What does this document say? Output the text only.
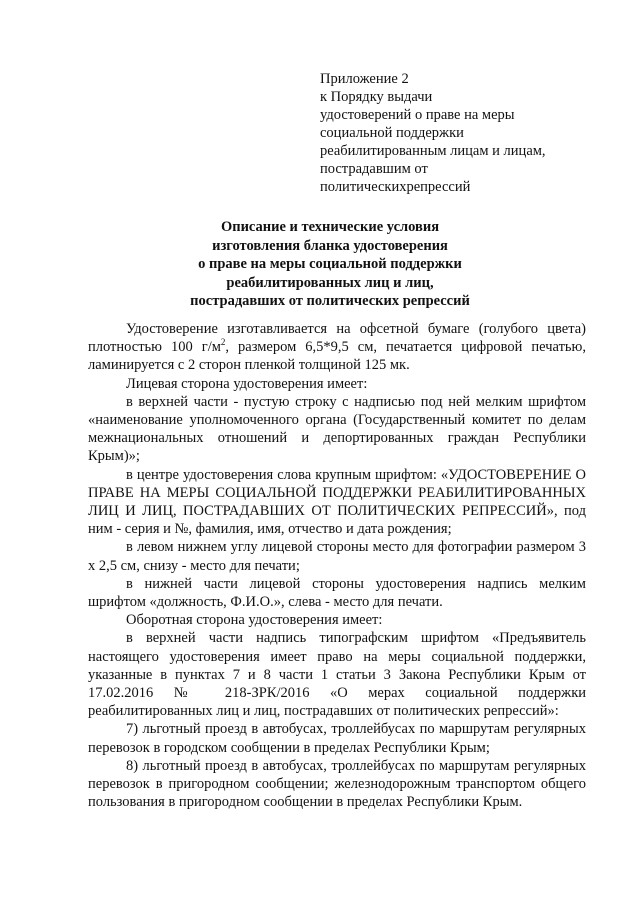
Приложение 2
к Порядку выдачи
удостоверений о праве на меры
социальной поддержки
реабилитированным лицам и лицам,
пострадавшим от
политическихрепрессий
Описание и технические условия
изготовления бланка удостоверения
о праве на меры социальной поддержки
реабилитированных лиц и лиц,
пострадавших от политических репрессий

Удостоверение изготавливается на офсетной бумаге (голубого цвета) плотностью 100 $г/м^2$, размером 6,5*9,5 см, печатается цифровой печатью, ламинируется с 2 сторон пленкой толщиной 125 мк.

Лицевая сторона удостоверения имеет:

в верхней части - пустую строку с надписью под ней мелким шрифтом «наименование уполномоченного органа (Государственный комитет по делам межнациональных отношений и депортированных граждан Республики Крым)»;

в центре удостоверения слова крупным шрифтом: «УДОСТОВЕРЕНИЕ О ПРАВЕ НА МЕРЫ СОЦИАЛЬНОЙ ПОДДЕРЖКИ РЕАБИЛИТИРОВАННЫХ ЛИЦ И ЛИЦ, ПОСТРАДАВШИХ ОТ ПОЛИТИЧЕСКИХ РЕПРЕССИЙ», под ним - серия и №, фамилия, имя, отчество и дата рождения;

в левом нижнем углу лицевой стороны место для фотографии размером 3 х 2,5 см, снизу - место для печати;

в нижней части лицевой стороны удостоверения надпись мелким шрифтом «должность, Ф.И.О.», слева - место для печати.

Оборотная сторона удостоверения имеет:

в верхней части надпись типографским шрифтом «Предъявитель настоящего удостоверения имеет право на меры социальной поддержки, указанные в пунктах 7 и 8 части 1 статьи 3 Закона Республики Крым от 17.02.2016 № 218-ЗРК/2016 «О мерах социальной поддержки реабилитированных лиц и лиц, пострадавших от политических репрессий»:

7) льготный проезд в автобусах, троллейбусах по маршрутам регулярных перевозок в городском сообщении в пределах Республики Крым;

8) льготный проезд в автобусах, троллейбусах по маршрутам регулярных перевозок в пригородном сообщении; железнодорожным транспортом общего пользования в пригородном сообщении в пределах Республики Крым.
